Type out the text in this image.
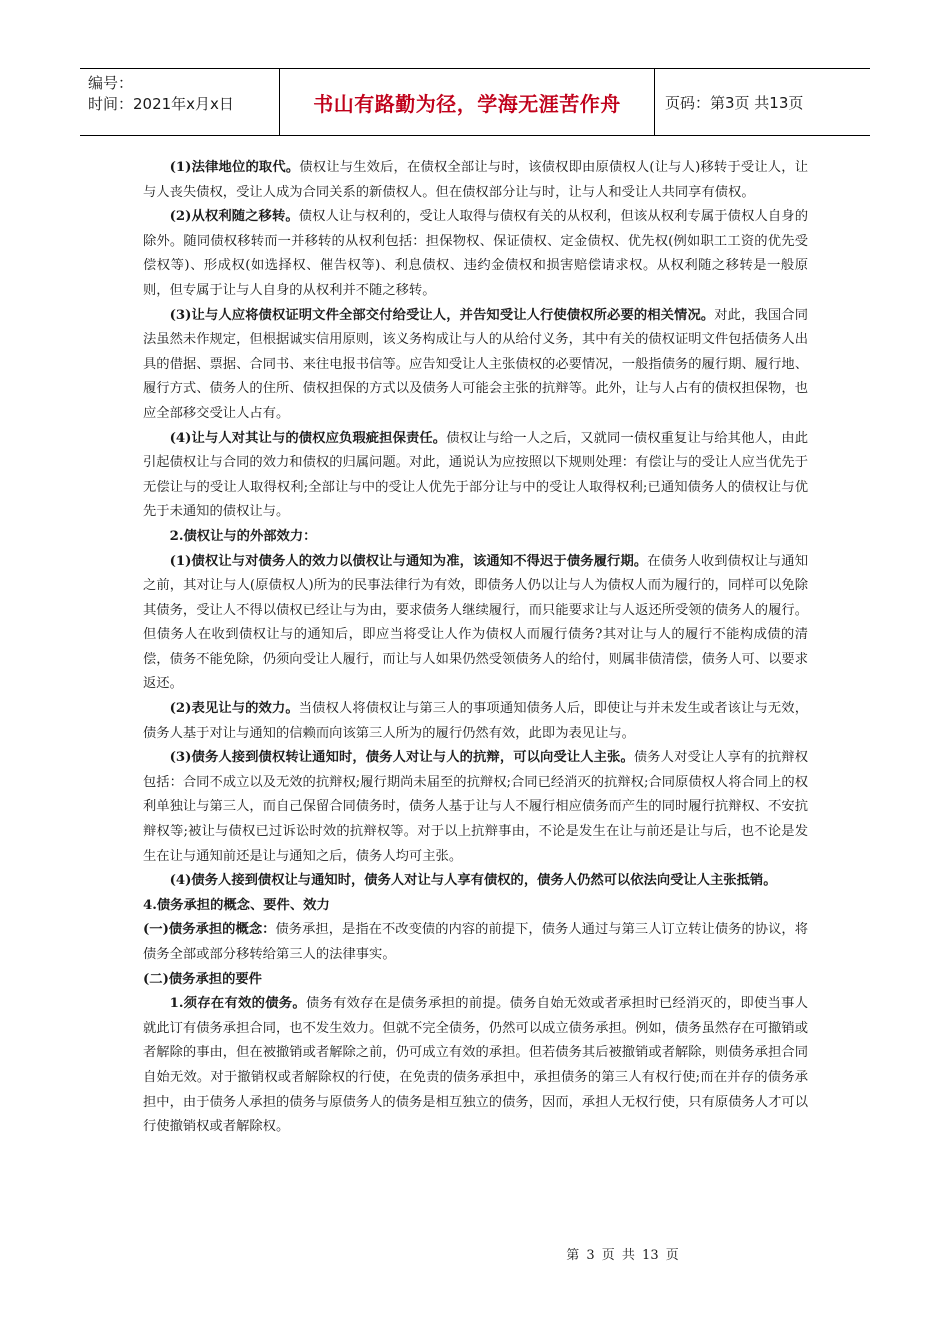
编号：
时间：2021年x月x日	书山有路勤为径，学海无涯苦作舟	页码：第3页 共13页

(1)法律地位的取代。债权让与生效后，在债权全部让与时，该债权即由原债权人(让与人)移转于受让人，让与人丧失债权，受让人成为合同关系的新债权人。但在债权部分让与时，让与人和受让人共同享有债权。

(2)从权利随之移转。债权人让与权利的，受让人取得与债权有关的从权利，但该从权利专属于债权人自身的除外。随同债权移转而一并移转的从权利包括：担保物权、保证债权、定金债权、优先权(例如职工工资的优先受偿权等)、形成权(如选择权、催告权等)、利息债权、违约金债权和损害赔偿请求权。从权利随之移转是一般原则，但专属于让与人自身的从权利并不随之移转。

(3)让与人应将债权证明文件全部交付给受让人，并告知受让人行使债权所必要的相关情况。对此，我国合同法虽然未作规定，但根据诚实信用原则，该义务构成让与人的从给付义务，其中有关的债权证明文件包括债务人出具的借据、票据、合同书、来往电报书信等。应告知受让人主张债权的必要情况，一般指债务的履行期、履行地、履行方式、债务人的住所、债权担保的方式以及债务人可能会主张的抗辩等。此外，让与人占有的债权担保物，也应全部移交受让人占有。

(4)让与人对其让与的债权应负瑕疵担保责任。债权让与给一人之后，又就同一债权重复让与给其他人，由此引起债权让与合同的效力和债权的归属问题。对此，通说认为应按照以下规则处理：有偿让与的受让人应当优先于无偿让与的受让人取得权利;全部让与中的受让人优先于部分让与中的受让人取得权利;已通知债务人的债权让与优先于未通知的债权让与。

2.债权让与的外部效力：

(1)债权让与对债务人的效力以债权让与通知为准，该通知不得迟于债务履行期。在债务人收到债权让与通知之前，其对让与人(原债权人)所为的民事法律行为有效，即债务人仍以让与人为债权人而为履行的，同样可以免除其债务，受让人不得以债权已经让与为由，要求债务人继续履行，而只能要求让与人返还所受领的债务人的履行。但债务人在收到债权让与的通知后，即应当将受让人作为债权人而履行债务?其对让与人的履行不能构成债的清偿，债务不能免除，仍须向受让人履行，而让与人如果仍然受领债务人的给付，则属非债清偿，债务人可、以要求返还。

(2)表见让与的效力。当债权人将债权让与第三人的事项通知债务人后，即使让与并未发生或者该让与无效，债务人基于对让与通知的信赖而向该第三人所为的履行仍然有效，此即为表见让与。

(3)债务人接到债权转让通知时，债务人对让与人的抗辩，可以向受让人主张。债务人对受让人享有的抗辩权包括：合同不成立以及无效的抗辩权;履行期尚未届至的抗辩权;合同已经消灭的抗辩权;合同原债权人将合同上的权利单独让与第三人，而自己保留合同债务时，债务人基于让与人不履行相应债务而产生的同时履行抗辩权、不安抗辩权等;被让与债权已过诉讼时效的抗辩权等。对于以上抗辩事由，不论是发生在让与前还是让与后，也不论是发生在让与通知前还是让与通知之后，债务人均可主张。

(4)债务人接到债权让与通知时，债务人对让与人享有债权的，债务人仍然可以依法向受让人主张抵销。

4.债务承担的概念、要件、效力

(一)债务承担的概念：债务承担，是指在不改变债的内容的前提下，债务人通过与第三人订立转让债务的协议，将债务全部或部分移转给第三人的法律事实。

(二)债务承担的要件

1.须存在有效的债务。债务有效存在是债务承担的前提。债务自始无效或者承担时已经消灭的，即使当事人就此订有债务承担合同，也不发生效力。但就不完全债务，仍然可以成立债务承担。例如，债务虽然存在可撤销或者解除的事由，但在被撤销或者解除之前，仍可成立有效的承担。但若债务其后被撤销或者解除，则债务承担合同自始无效。对于撤销权或者解除权的行使，在免责的债务承担中，承担债务的第三人有权行使;而在并存的债务承担中，由于债务人承担的债务与原债务人的债务是相互独立的债务，因而，承担人无权行使，只有原债务人才可以行使撤销权或者解除权。

第 3 页 共 13 页
